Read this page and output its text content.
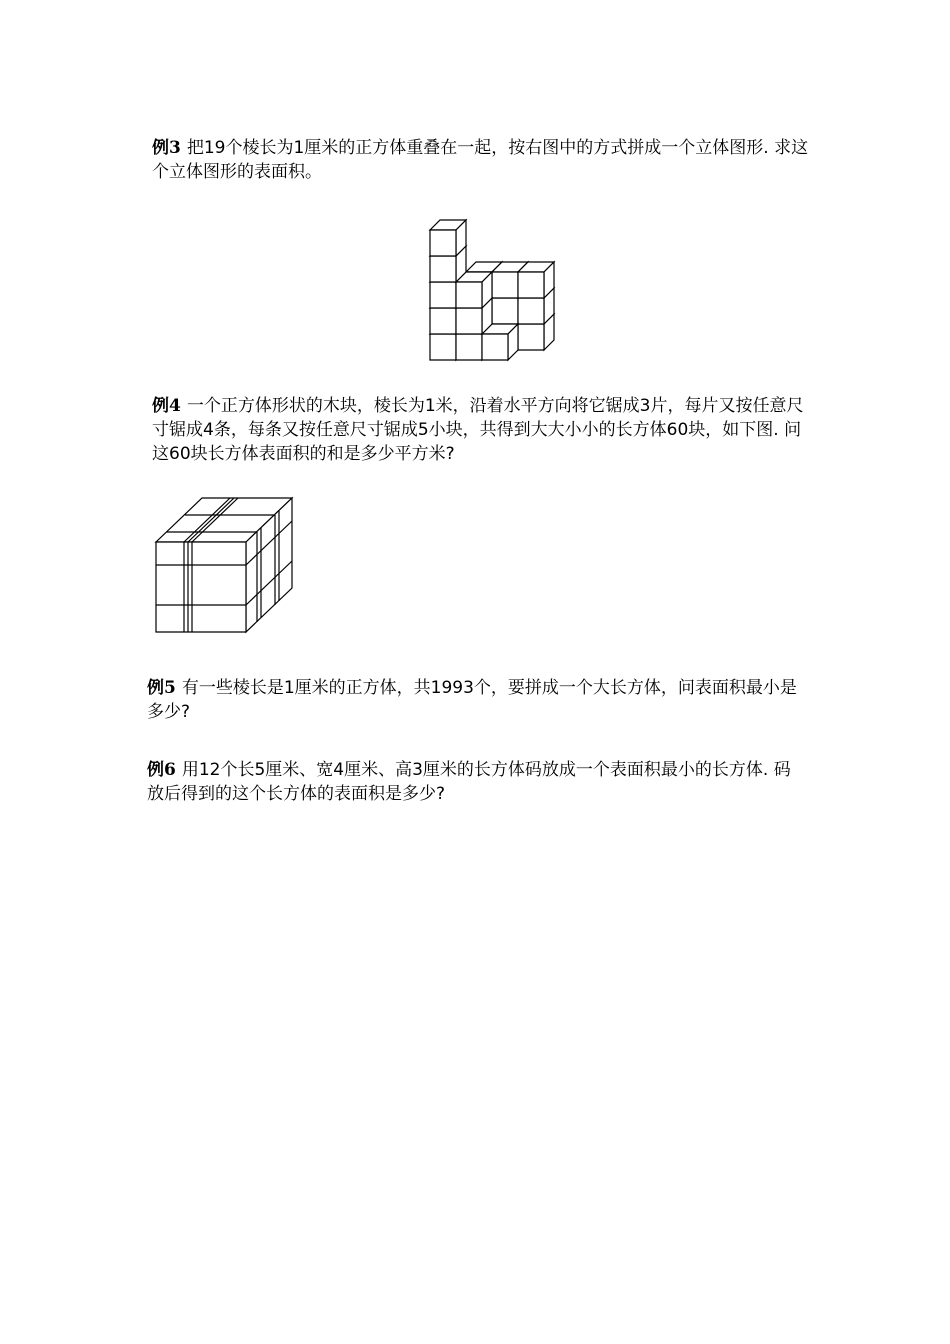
例3 把19个棱长为1厘米的正方体重叠在一起，按右图中的方式拼成一个立体图形. 求这个立体图形的表面积。
例4 一个正方体形状的木块，棱长为1米，沿着水平方向将它锯成3片，每片又按任意尺寸锯成4条，每条又按任意尺寸锯成5小块，共得到大大小小的长方体60块，如下图. 问这60块长方体表面积的和是多少平方米?
例5 有一些棱长是1厘米的正方体，共1993个，要拼成一个大长方体，问表面积最小是多少?
例6 用12个长5厘米、宽4厘米、高3厘米的长方体码放成一个表面积最小的长方体. 码放后得到的这个长方体的表面积是多少?
